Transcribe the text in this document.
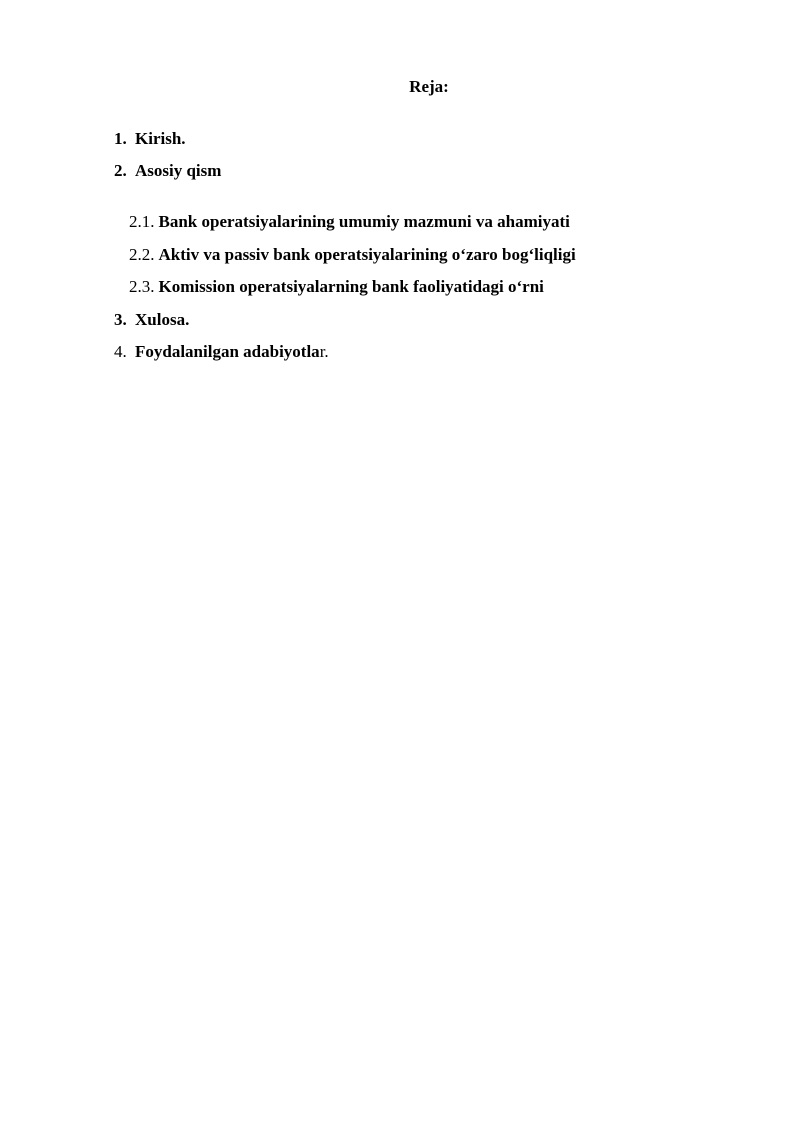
Reja:
1. Kirish.
2. Asosiy qism
2.1. Bank operatsiyalarining umumiy mazmuni va ahamiyati
2.2. Aktiv va passiv bank operatsiyalarining o‘zaro bog‘liqligi
2.3. Komission operatsiyalarning bank faoliyatidagi o‘rni
3. Xulosa.
4. Foydalanilgan adabiyotlar.
